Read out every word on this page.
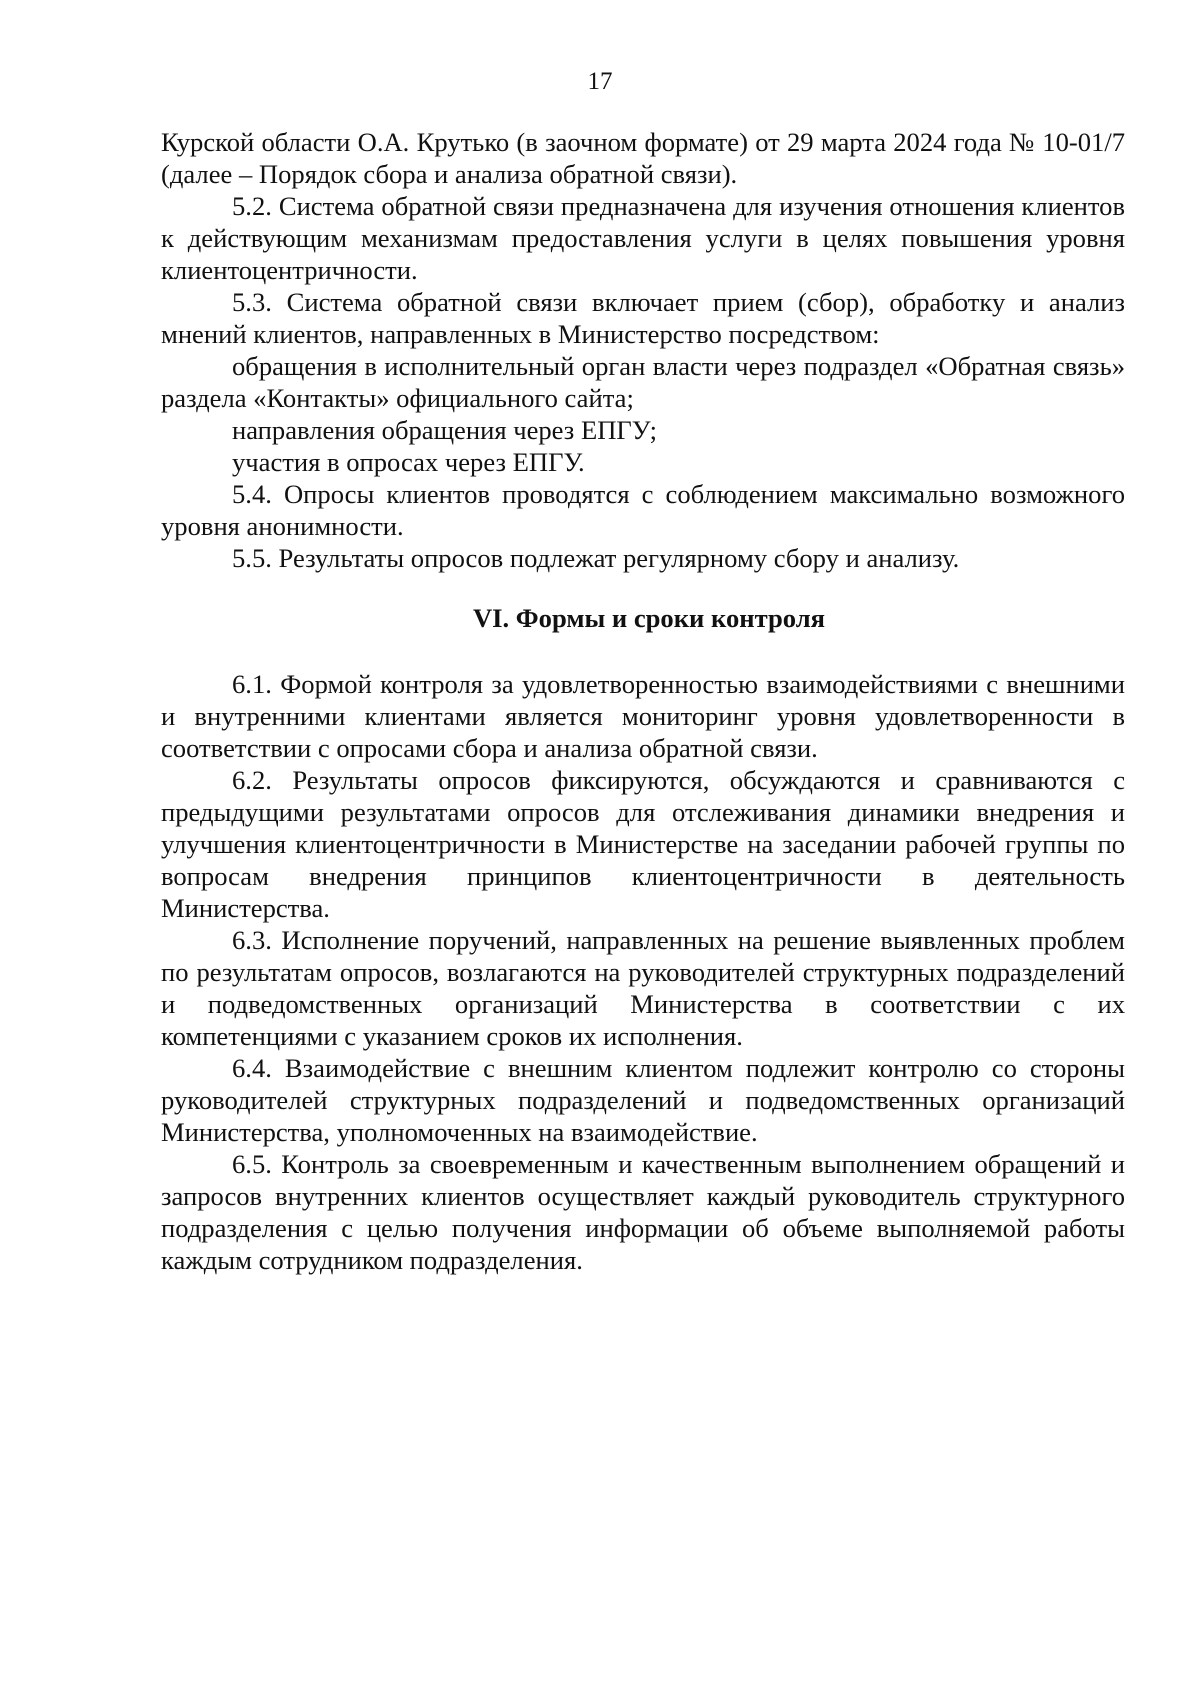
17

Курской области О.А. Крутько (в заочном формате) от 29 марта 2024 года № 10-01/7 (далее – Порядок сбора и анализа обратной связи).

5.2. Система обратной связи предназначена для изучения отношения клиентов к действующим механизмам предоставления услуги в целях повышения уровня клиентоцентричности.

5.3. Система обратной связи включает прием (сбор), обработку и анализ мнений клиентов, направленных в Министерство посредством:

обращения в исполнительный орган власти через подраздел «Обратная связь» раздела «Контакты» официального сайта;

направления обращения через ЕПГУ;

участия в опросах через ЕПГУ.

5.4. Опросы клиентов проводятся с соблюдением максимально возможного уровня анонимности.

5.5. Результаты опросов подлежат регулярному сбору и анализу.

VI. Формы и сроки контроля

6.1. Формой контроля за удовлетворенностью взаимодействиями с внешними и внутренними клиентами является мониторинг уровня удовлетворенности в соответствии с опросами сбора и анализа обратной связи.

6.2. Результаты опросов фиксируются, обсуждаются и сравниваются с предыдущими результатами опросов для отслеживания динамики внедрения и улучшения клиентоцентричности в Министерстве на заседании рабочей группы по вопросам внедрения принципов клиентоцентричности в деятельность Министерства.

6.3. Исполнение поручений, направленных на решение выявленных проблем по результатам опросов, возлагаются на руководителей структурных подразделений и подведомственных организаций Министерства в соответствии с их компетенциями с указанием сроков их исполнения.

6.4. Взаимодействие с внешним клиентом подлежит контролю со стороны руководителей структурных подразделений и подведомственных организаций Министерства, уполномоченных на взаимодействие.

6.5. Контроль за своевременным и качественным выполнением обращений и запросов внутренних клиентов осуществляет каждый руководитель структурного подразделения с целью получения информации об объеме выполняемой работы каждым сотрудником подразделения.
